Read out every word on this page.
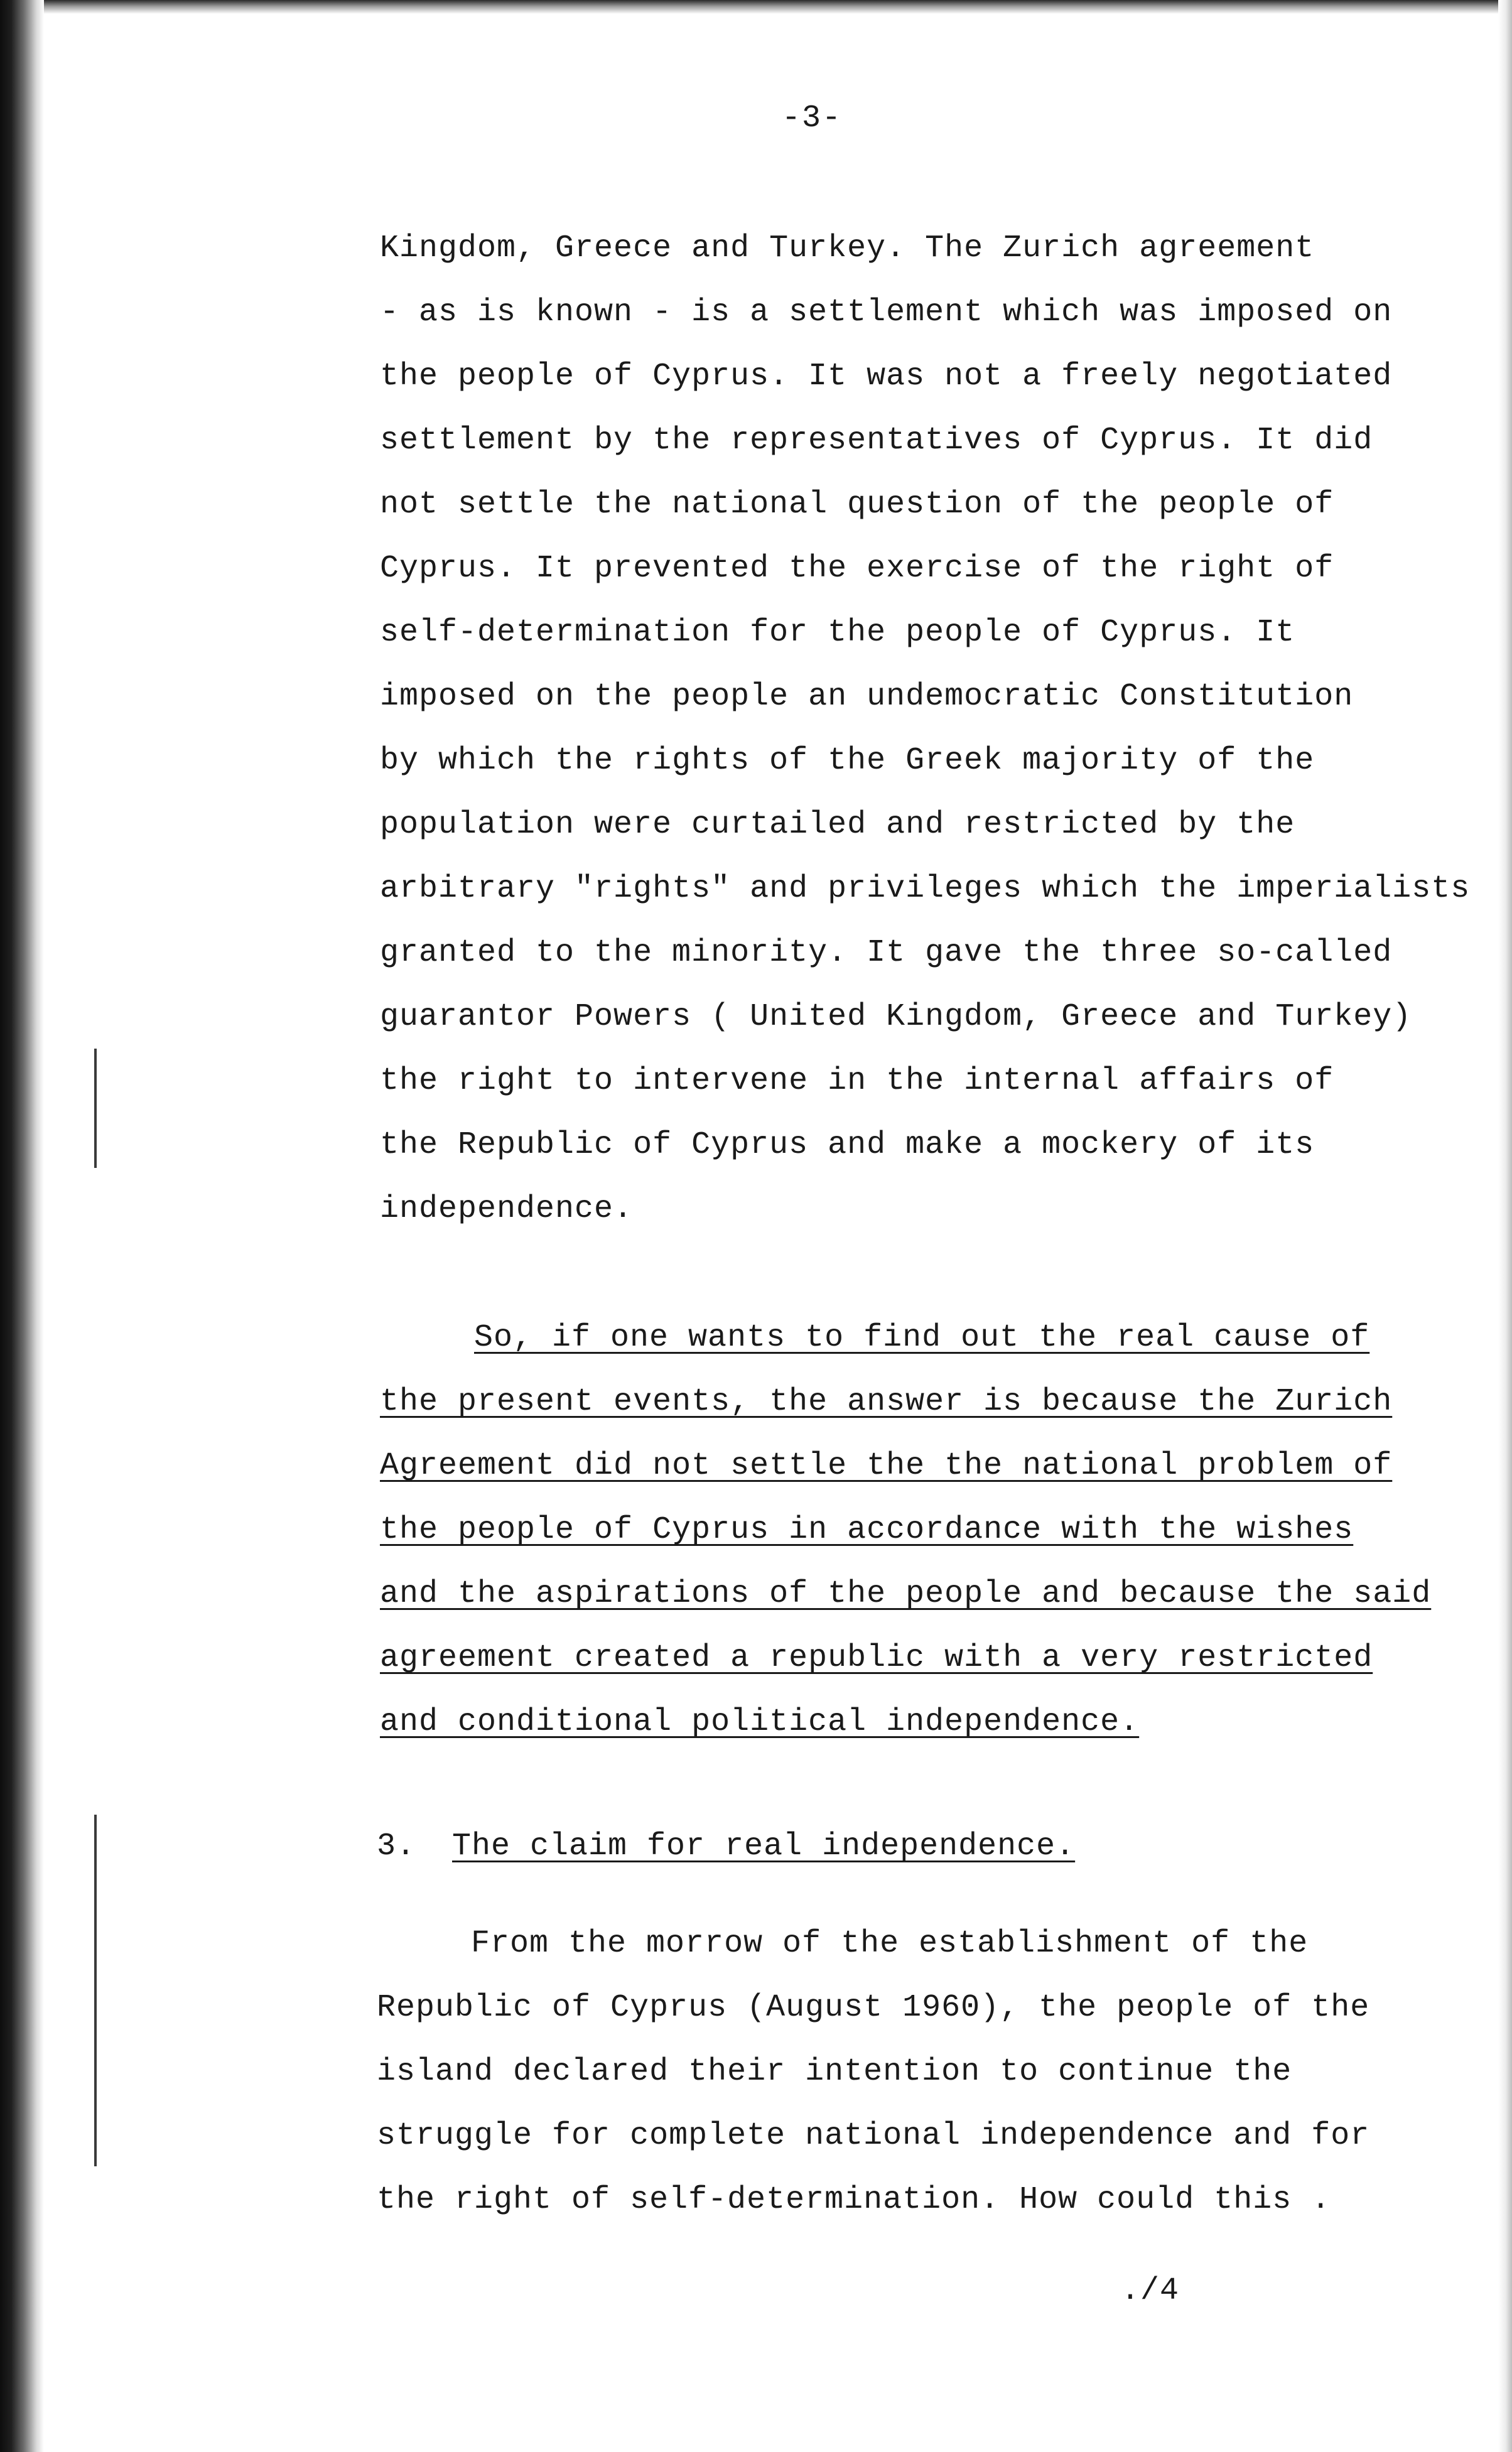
-3-
Kingdom, Greece and Turkey. The Zurich agreement
- as is known - is a settlement which was imposed on
the people of Cyprus. It was not a freely negotiated
settlement by the representatives of Cyprus. It did
not settle the national question of the people of
Cyprus. It prevented the exercise of the right of
self-determination for the people of Cyprus. It
imposed on the people an undemocratic Constitution
by which the rights of the Greek majority of the
population were curtailed and restricted by the
arbitrary "rights" and privileges which the imperialists
granted to the minority. It gave the three so-called
guarantor Powers ( United Kingdom, Greece and Turkey)
the right to intervene in the internal affairs of
the Republic of Cyprus and make a mockery of its
independence.
So, if one wants to find out the real cause of
the present events, the answer is because the Zurich
Agreement did not settle the the national problem of
the people of Cyprus in accordance with the wishes
and the aspirations of the people and because the said
agreement created a republic with a very restricted
and conditional political independence.
3. The claim for real independence.
From the morrow of the establishment of the
Republic of Cyprus (August 1960), the people of the
island declared their intention to continue the
struggle for complete national independence and for
the right of self-determination. How could this .
./4
